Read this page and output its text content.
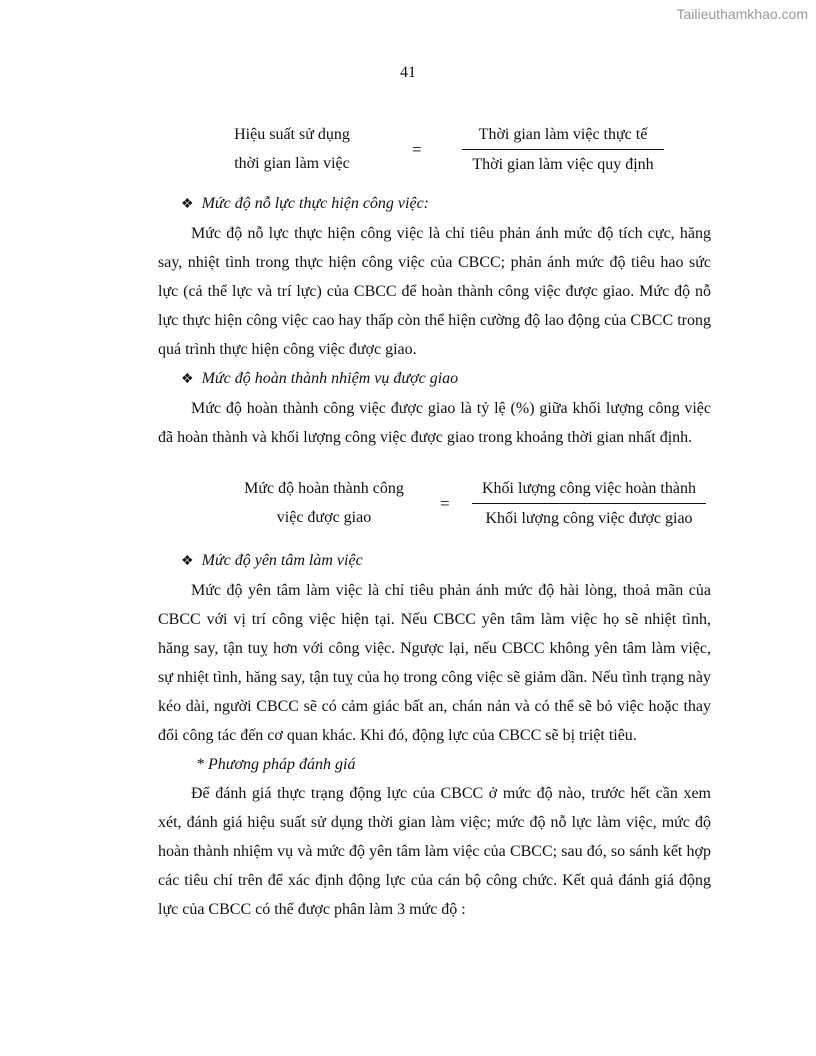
Tailieuthamkhao.com
41
Hiệu suất sử dụng
thời gian làm việc
=
Thời gian làm việc thực tế
Thời gian làm việc quy định

❖ Mức độ nỗ lực thực hiện công việc:

Mức độ nỗ lực thực hiện công việc là chỉ tiêu phản ánh mức độ tích cực, hăng say, nhiệt tình trong thực hiện công việc của CBCC; phản ánh mức độ tiêu hao sức lực (cả thể lực và trí lực) của CBCC để hoàn thành công việc được giao. Mức độ nỗ lực thực hiện công việc cao hay thấp còn thể hiện cường độ lao động của CBCC trong quá trình thực hiện công việc được giao.

❖ Mức độ hoàn thành nhiệm vụ được giao

Mức độ hoàn thành công việc được giao là tỷ lệ (%) giữa khối lượng công việc đã hoàn thành và khối lượng công việc được giao trong khoảng thời gian nhất định.

❖ Mức độ yên tâm làm việc

Mức độ yên tâm làm việc là chỉ tiêu phản ánh mức độ hài lòng, thoả mãn của CBCC với vị trí công việc hiện tại. Nếu CBCC yên tâm làm việc họ sẽ nhiệt tình, hăng say, tận tuỵ hơn với công việc. Ngược lại, nếu CBCC không yên tâm làm việc, sự nhiệt tình, hăng say, tận tuỵ của họ trong công việc sẽ giảm dần. Nếu tình trạng này kéo dài, người CBCC sẽ có cảm giác bất an, chán nản và có thể sẽ bỏ việc hoặc thay đổi công tác đến cơ quan khác. Khi đó, động lực của CBCC sẽ bị triệt tiêu.

* Phương pháp đánh giá

Để đánh giá thực trạng động lực của CBCC ở mức độ nào, trước hết cần xem xét, đánh giá hiệu suất sử dụng thời gian làm việc; mức độ nỗ lực làm việc, mức độ hoàn thành nhiệm vụ và mức độ yên tâm làm việc của CBCC; sau đó, so sánh kết hợp các tiêu chí trên để xác định động lực của cán bộ công chức. Kết quả đánh giá động lực của CBCC có thể được phân làm 3 mức độ :

Mức độ hoàn thành công
việc được giao
=
Khối lượng công việc hoàn thành
Khối lượng công việc được giao
